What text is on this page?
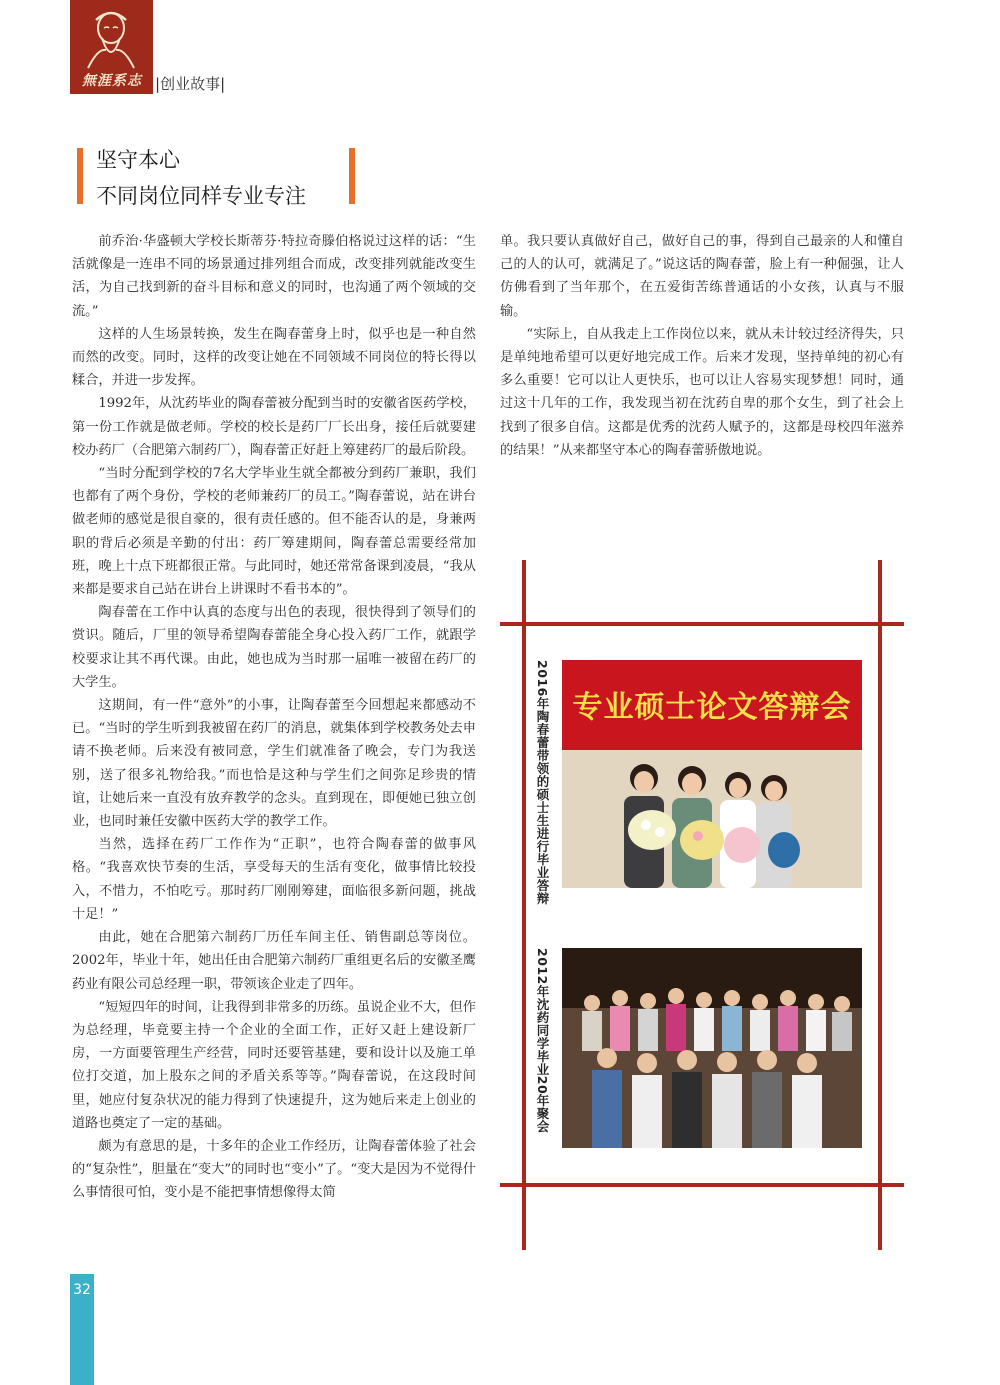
無涯系志 |创业故事|
坚守本心
不同岗位同样专业专注

前乔治·华盛顿大学校长斯蒂芬·特拉奇滕伯格说过这样的话：“生活就像是一连串不同的场景通过排列组合而成，改变排列就能改变生活，为自己找到新的奋斗目标和意义的同时，也沟通了两个领域的交流。”

这样的人生场景转换，发生在陶春蕾身上时，似乎也是一种自然而然的改变。同时，这样的改变让她在不同领域不同岗位的特长得以糅合，并进一步发挥。

1992年，从沈药毕业的陶春蕾被分配到当时的安徽省医药学校，第一份工作就是做老师。学校的校长是药厂厂长出身，接任后就要建校办药厂（合肥第六制药厂），陶春蕾正好赶上筹建药厂的最后阶段。

“当时分配到学校的7名大学毕业生就全都被分到药厂兼职，我们也都有了两个身份，学校的老师兼药厂的员工。”陶春蕾说，站在讲台做老师的感觉是很自豪的，很有责任感的。但不能否认的是，身兼两职的背后必须是辛勤的付出：药厂筹建期间，陶春蕾总需要经常加班，晚上十点下班都很正常。与此同时，她还常常备课到凌晨，“我从来都是要求自己站在讲台上讲课时不看书本的”。

陶春蕾在工作中认真的态度与出色的表现，很快得到了领导们的赏识。随后，厂里的领导希望陶春蕾能全身心投入药厂工作，就跟学校要求让其不再代课。由此，她也成为当时那一届唯一被留在药厂的大学生。

这期间，有一件“意外”的小事，让陶春蕾至今回想起来都感动不已。“当时的学生听到我被留在药厂的消息，就集体到学校教务处去申请不换老师。后来没有被同意，学生们就准备了晚会，专门为我送别，送了很多礼物给我。”而也恰是这种与学生们之间弥足珍贵的情谊，让她后来一直没有放弃教学的念头。直到现在，即便她已独立创业，也同时兼任安徽中医药大学的教学工作。

当然，选择在药厂工作作为“正职”，也符合陶春蕾的做事风格。“我喜欢快节奏的生活，享受每天的生活有变化，做事情比较投入，不惜力，不怕吃亏。那时药厂刚刚筹建，面临很多新问题，挑战十足！”

由此，她在合肥第六制药厂历任车间主任、销售副总等岗位。2002年，毕业十年，她出任由合肥第六制药厂重组更名后的安徽圣鹰药业有限公司总经理一职，带领该企业走了四年。

“短短四年的时间，让我得到非常多的历练。虽说企业不大，但作为总经理，毕竟要主持一个企业的全面工作，正好又赶上建设新厂房，一方面要管理生产经营，同时还要管基建，要和设计以及施工单位打交道，加上股东之间的矛盾关系等等。”陶春蕾说，在这段时间里，她应付复杂状况的能力得到了快速提升，这为她后来走上创业的道路也奠定了一定的基础。

颇为有意思的是，十多年的企业工作经历，让陶春蕾体验了社会的“复杂性”，胆量在“变大”的同时也“变小”了。“变大是因为不觉得什么事情很可怕，变小是不能把事情想像得太简

单。我只要认真做好自己，做好自己的事，得到自己最亲的人和懂自己的人的认可，就满足了。”说这话的陶春蕾，脸上有一种倔强，让人仿佛看到了当年那个，在五爱街苦练普通话的小女孩，认真与不服输。

“实际上，自从我走上工作岗位以来，就从未计较过经济得失，只是单纯地希望可以更好地完成工作。后来才发现，坚持单纯的初心有多么重要！它可以让人更快乐，也可以让人容易实现梦想！同时，通过这十几年的工作，我发现当初在沈药自卑的那个女生，到了社会上找到了很多自信。这都是优秀的沈药人赋予的，这都是母校四年滋养的结果！”从来都坚守本心的陶春蕾骄傲地说。

2016年陶春蕾带领的硕士生进行毕业答辩
2012年沈药同学毕业20年聚会
专业硕士论文答辩会
32
